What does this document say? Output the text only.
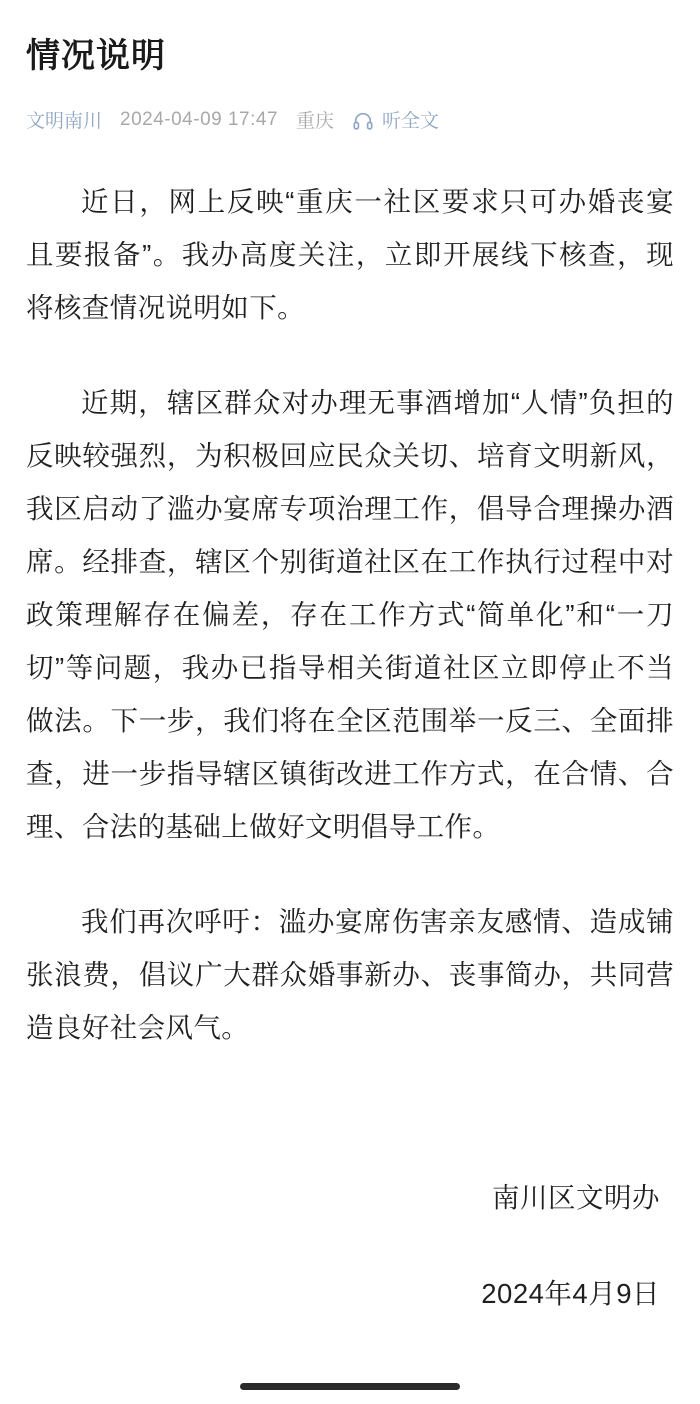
情况说明
文明南川 2024-04-09 17:47 重庆	听全文

近日，网上反映“重庆一社区要求只可办婚丧宴且要报备”。我办高度关注，立即开展线下核查，现将核查情况说明如下。

近期，辖区群众对办理无事酒增加“人情”负担的反映较强烈，为积极回应民众关切、培育文明新风，我区启动了滥办宴席专项治理工作，倡导合理操办酒席。经排查，辖区个别街道社区在工作执行过程中对政策理解存在偏差，存在工作方式“简单化”和“一刀切”等问题，我办已指导相关街道社区立即停止不当做法。下一步，我们将在全区范围举一反三、全面排查，进一步指导辖区镇街改进工作方式，在合情、合理、合法的基础上做好文明倡导工作。

我们再次呼吁：滥办宴席伤害亲友感情、造成铺张浪费，倡议广大群众婚事新办、丧事简办，共同营造良好社会风气。

南川区文明办
2024年4月9日
